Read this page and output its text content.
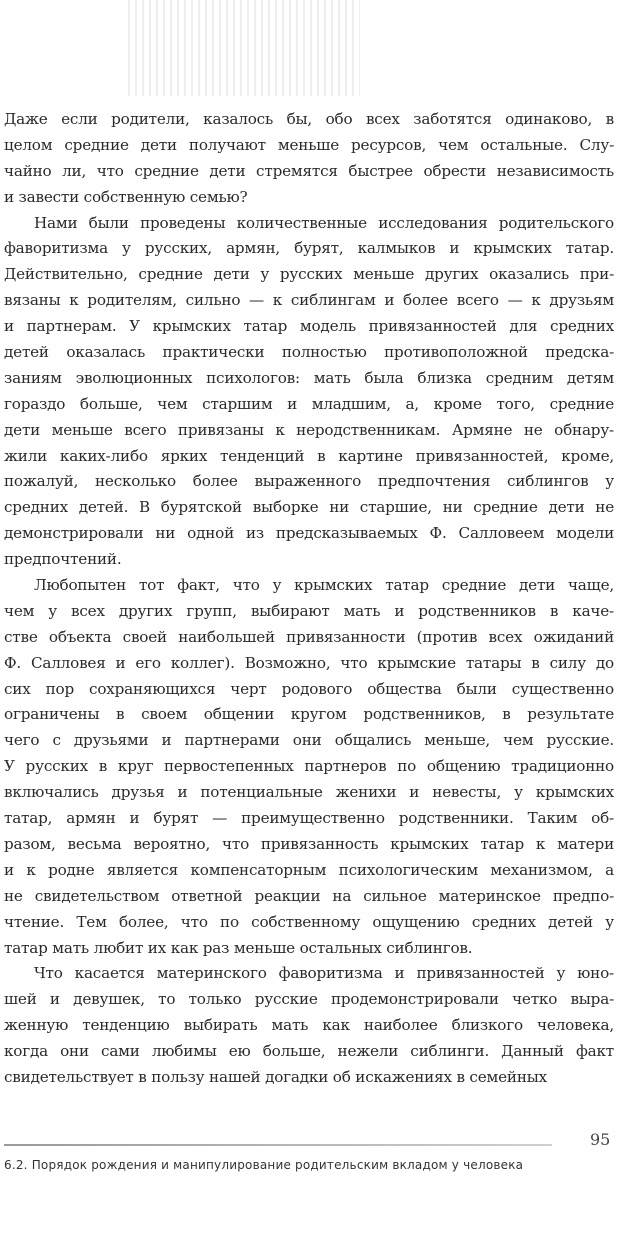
Даже если родители, казалось бы, обо всех заботятся одинаково, в
целом средние дети получают меньше ресурсов, чем остальные. Слу-
чайно ли, что средние дети стремятся быстрее обрести независимость
и завести собственную семью?
Нами были проведены количественные исследования родительского
фаворитизма у русских, армян, бурят, калмыков и крымских татар.
Действительно, средние дети у русских меньше других оказались при-
вязаны к родителям, сильно — к сиблингам и более всего — к друзьям
и партнерам. У крымских татар модель привязанностей для средних
детей оказалась практически полностью противоположной предска-
заниям эволюционных психологов: мать была близка средним детям
гораздо больше, чем старшим и младшим, а, кроме того, средние
дети меньше всего привязаны к неродственникам. Армяне не обнару-
жили каких-либо ярких тенденций в картине привязанностей, кроме,
пожалуй, несколько более выраженного предпочтения сиблингов у
средних детей. В бурятской выборке ни старшие, ни средние дети не
демонстрировали ни одной из предсказываемых Ф. Салловеем модели
предпочтений.
Любопытен тот факт, что у крымских татар средние дети чаще,
чем у всех других групп, выбирают мать и родственников в каче-
стве объекта своей наибольшей привязанности (против всех ожиданий
Ф. Салловея и его коллег). Возможно, что крымские татары в силу до
сих пор сохраняющихся черт родового общества были существенно
ограничены в своем общении кругом родственников, в результате
чего с друзьями и партнерами они общались меньше, чем русские.
У русских в круг первостепенных партнеров по общению традиционно
включались друзья и потенциальные женихи и невесты, у крымских
татар, армян и бурят — преимущественно родственники. Таким об-
разом, весьма вероятно, что привязанность крымских татар к матери
и к родне является компенсаторным психологическим механизмом, а
не свидетельством ответной реакции на сильное материнское предпо-
чтение. Тем более, что по собственному ощущению средних детей у
татар мать любит их как раз меньше остальных сиблингов.
Что касается материнского фаворитизма и привязанностей у юно-
шей и девушек, то только русские продемонстрировали четко выра-
женную тенденцию выбирать мать как наиболее близкого человека,
когда они сами любимы ею больше, нежели сиблинги. Данный факт
свидетельствует в пользу нашей догадки об искажениях в семейных
95
6.2. Порядок рождения и манипулирование родительским вкладом у человека
